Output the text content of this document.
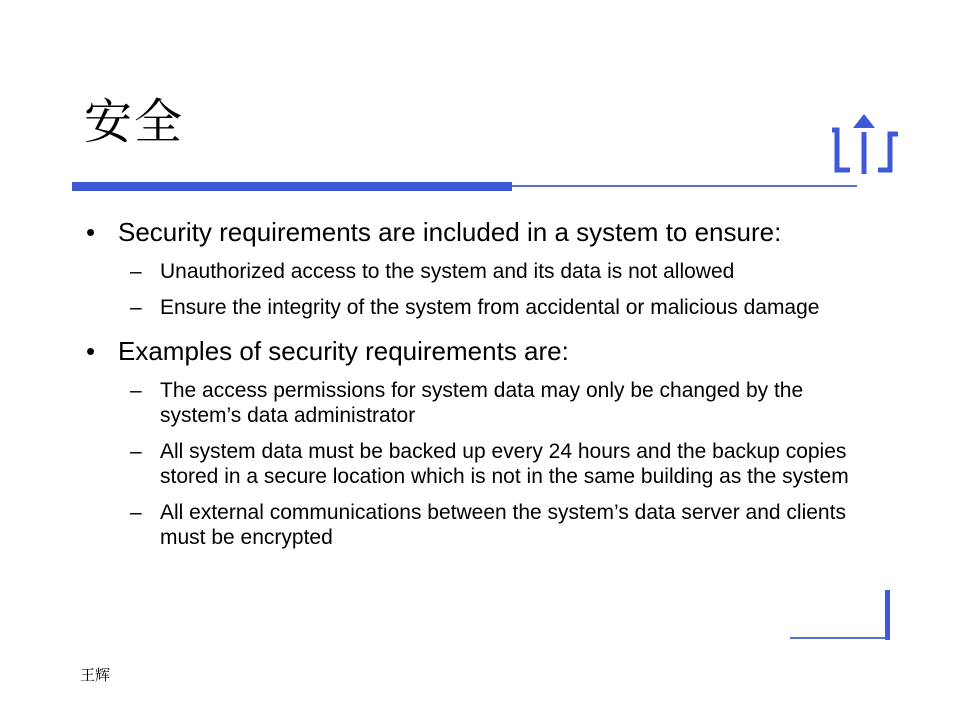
安全
• Security requirements are included in a system to ensure:
– Unauthorized access to the system and its data is not allowed
– Ensure the integrity of the system from accidental or malicious damage
• Examples of security requirements are:
– The access permissions for system data may only be changed by the system’s data administrator
– All system data must be backed up every 24 hours and the backup copies stored in a secure location which is not in the same building as the system
– All external communications between the system’s data server and clients must be encrypted
王辉
